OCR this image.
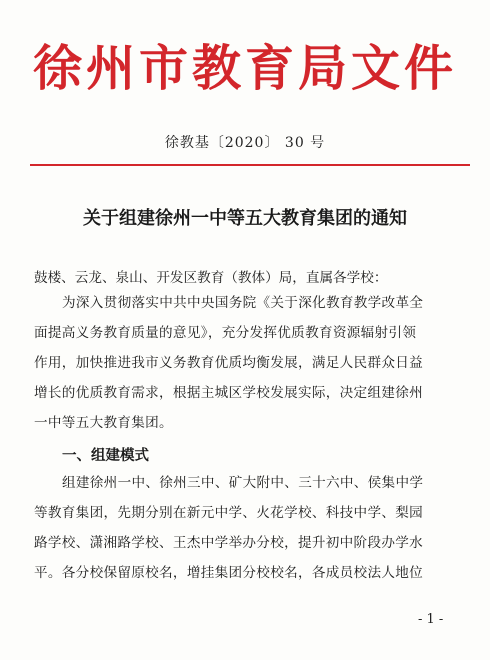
徐州市教育局文件
徐教基〔2020〕 30 号
关于组建徐州一中等五大教育集团的通知
鼓楼、云龙、泉山、开发区教育（教体）局，直属各学校：
为深入贯彻落实中共中央国务院《关于深化教育教学改革全
面提高义务教育质量的意见》，充分发挥优质教育资源辐射引领
作用，加快推进我市义务教育优质均衡发展，满足人民群众日益
增长的优质教育需求，根据主城区学校发展实际，决定组建徐州
一中等五大教育集团。
一、组建模式
组建徐州一中、徐州三中、矿大附中、三十六中、侯集中学
等教育集团，先期分别在新元中学、火花学校、科技中学、梨园
路学校、潇湘路学校、王杰中学举办分校，提升初中阶段办学水
平。各分校保留原校名，增挂集团分校校名，各成员校法人地位
- 1 -
